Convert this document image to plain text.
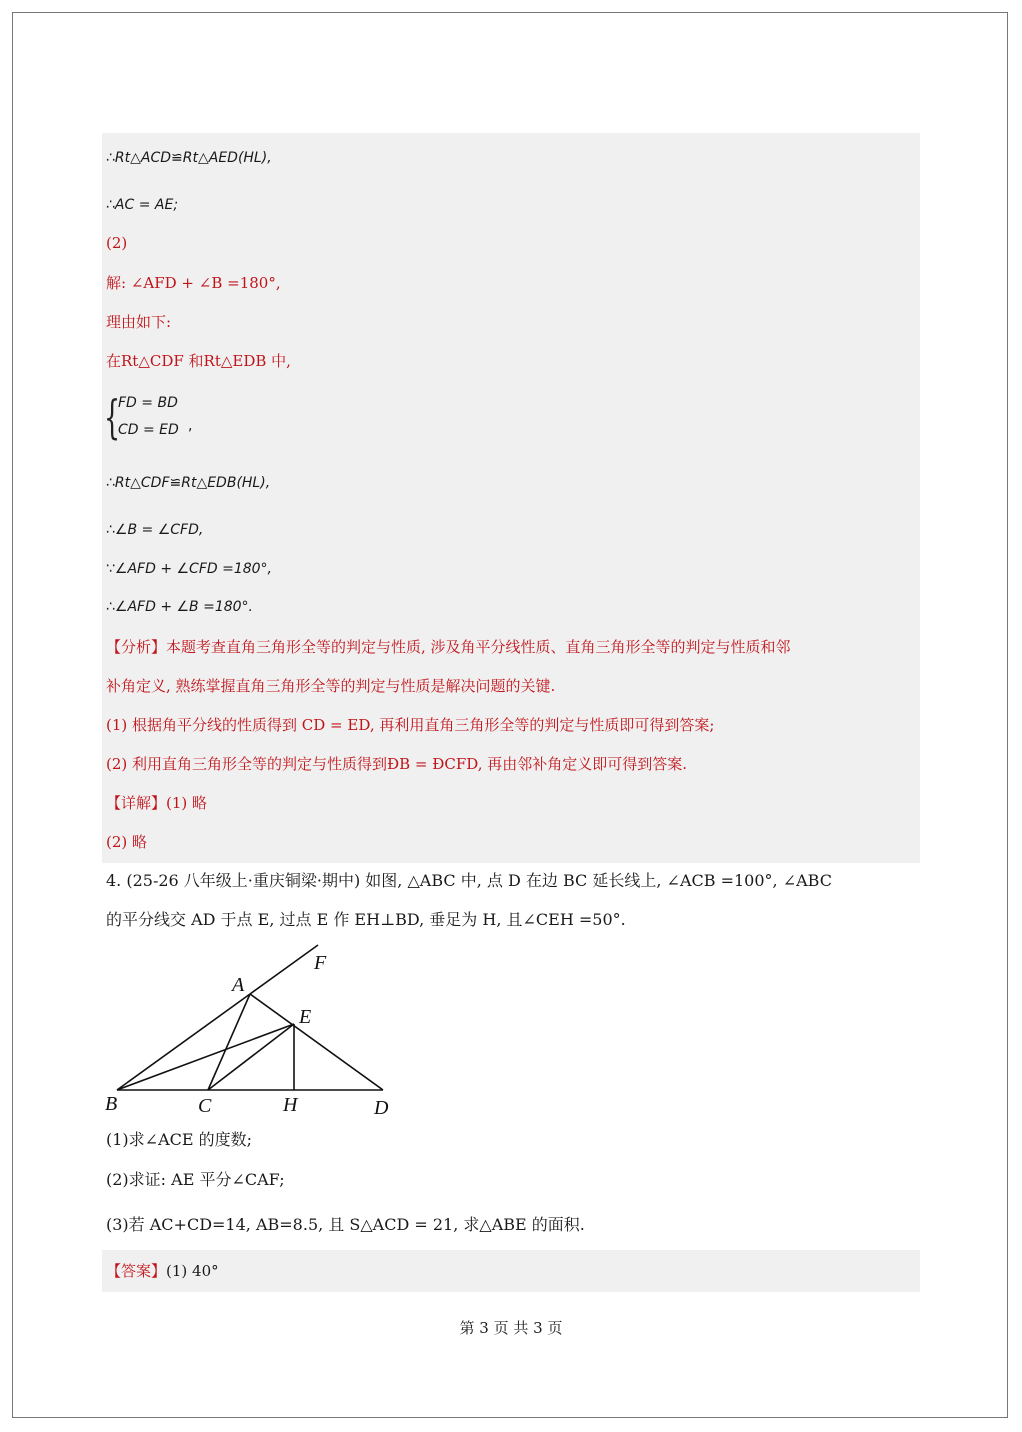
∴Rt△ACD≌Rt△AED(HL),
∴AC = AE;
(2)
解: ∠AFD + ∠B =180°,
理由如下:
在Rt△CDF 和Rt△EDB 中,
{
FD = BD
CD = ED ,
∴Rt△CDF≌Rt△EDB(HL),
∴∠B = ∠CFD,
∵∠AFD + ∠CFD =180°,
∴∠AFD + ∠B =180°.
【分析】本题考查直角三角形全等的判定与性质, 涉及角平分线性质、直角三角形全等的判定与性质和邻
补角定义, 熟练掌握直角三角形全等的判定与性质是解决问题的关键.
(1) 根据角平分线的性质得到 CD = ED, 再利用直角三角形全等的判定与性质即可得到答案;
(2) 利用直角三角形全等的判定与性质得到ÐB = ÐCFD, 再由邻补角定义即可得到答案.
【详解】(1) 略
(2) 略
4. (25-26 八年级上·重庆铜梁·期中) 如图, △ABC 中, 点 D 在边 BC 延长线上, ∠ACB =100°, ∠ABC
的平分线交 AD 于点 E, 过点 E 作 EH⊥BD, 垂足为 H, 且∠CEH =50°.
A
B	C	D
E
F
H
(1)求∠ACE 的度数;
(2)求证: AE 平分∠CAF;
(3)若 AC+CD=14, AB=8.5, 且 S△ACD = 21, 求△ABE 的面积.
【答案】(1) 40°
第 3 页 共 3 页
